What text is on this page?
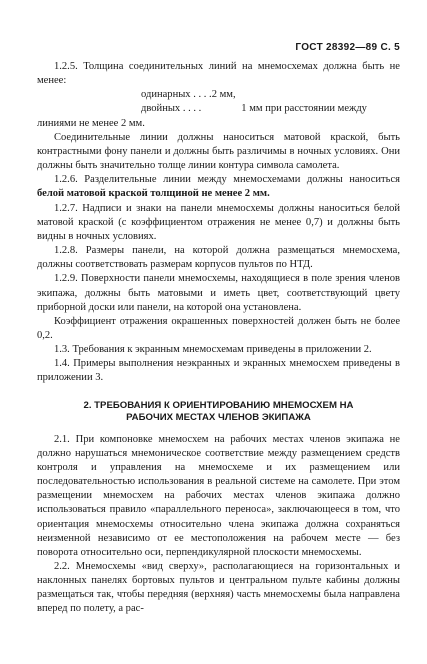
ГОСТ 28392—89 С. 5

1.2.5. Толщина соединительных линий на мнемосхемах должна быть не менее:

одинарных . . . .2 мм,

двойных . . . .	1 мм при расстоянии между

линиями не менее 2 мм.

Соединительные линии должны наноситься матовой краской, быть контрастными фону панели и должны быть различимы в ночных условиях. Они должны быть значительно толще линии контура символа самолета.

1.2.6. Разделительные линии между мнемосхемами должны наноситься белой матовой краской толщиной не менее 2 мм.

1.2.7. Надписи и знаки на панели мнемосхемы должны наноситься белой матовой краской (с коэффициентом отражения не менее 0,7) и должны быть видны в ночных условиях.

1.2.8. Размеры панели, на которой должна размещаться мнемосхема, должны соответствовать размерам корпусов пультов по НТД.

1.2.9. Поверхности панели мнемосхемы, находящиеся в поле зрения членов экипажа, должны быть матовыми и иметь цвет, соответствующий цвету приборной доски или панели, на которой она установлена.

Коэффициент отражения окрашенных поверхностей должен быть не более 0,2.

1.3. Требования к экранным мнемосхемам приведены в приложении 2.

1.4. Примеры выполнения неэкранных и экранных мнемосхем приведены в приложении 3.

2. ТРЕБОВАНИЯ К ОРИЕНТИРОВАНИЮ МНЕМОСХЕМ НА РАБОЧИХ МЕСТАХ ЧЛЕНОВ ЭКИПАЖА

2.1. При компоновке мнемосхем на рабочих местах членов экипажа не должно нарушаться мнемоническое соответствие между размещением средств контроля и управления на мнемосхеме и их размещением или последовательностью использования в реальной системе на самолете. При этом размещении мнемосхем на рабочих местах членов экипажа должно использоваться правило «параллельного переноса», заключающееся в том, что ориентация мнемосхемы относительно члена экипажа должна сохраняться неизменной независимо от ее местоположения на рабочем месте — без поворота относительно оси, перпендикулярной плоскости мнемосхемы.

2.2. Мнемосхемы «вид сверху», располагающиеся на горизонтальных и наклонных панелях бортовых пультов и центральном пульте кабины должны размещаться так, чтобы передняя (верхняя) часть мнемосхемы была направлена вперед по полету, а рас-
